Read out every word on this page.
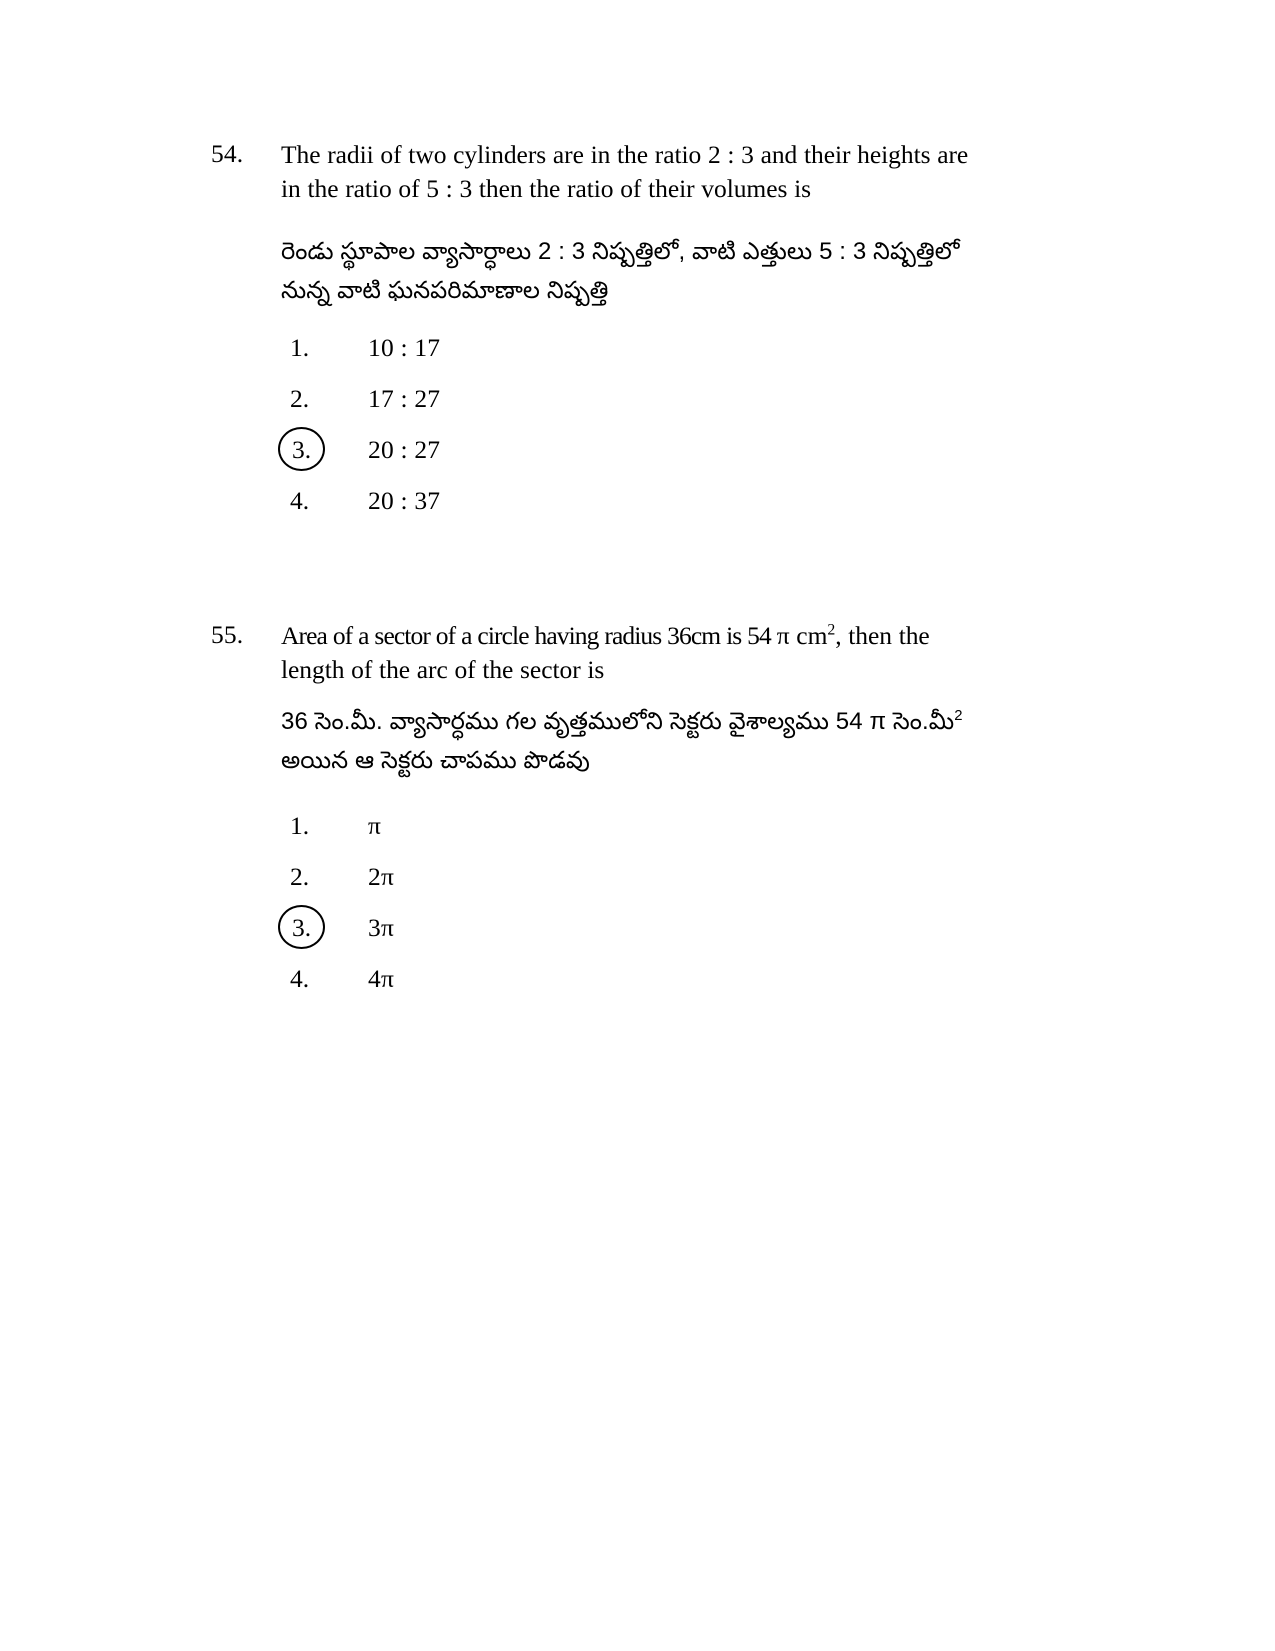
54.	The radii of two cylinders are in the ratio 2 : 3 and their heights are
in the ratio of 5 : 3 then the ratio of their volumes is
రెండు స్థూపాల వ్యాసార్ధాలు 2 : 3 నిష్పత్తిలో, వాటి ఎత్తులు 5 : 3 నిష్పత్తిలో
నున్న వాటి ఘనపరిమాణాల నిష్పత్తి
1.	10 : 17
2.	17 : 27
3.	20 : 27
4.	20 : 37
55.	Area of a sector of a circle having radius 36cm is 54 π $cm^2$, then the
length of the arc of the sector is
36 సెం.మీ. వ్యాసార్ధము గల వృత్తములోని సెక్టరు వైశాల్యము 54 π సెం.మీ$^2$
అయిన ఆ సెక్టరు చాపము పొడవు
1.	π
2.	2π
3.	3π
4.	4π
